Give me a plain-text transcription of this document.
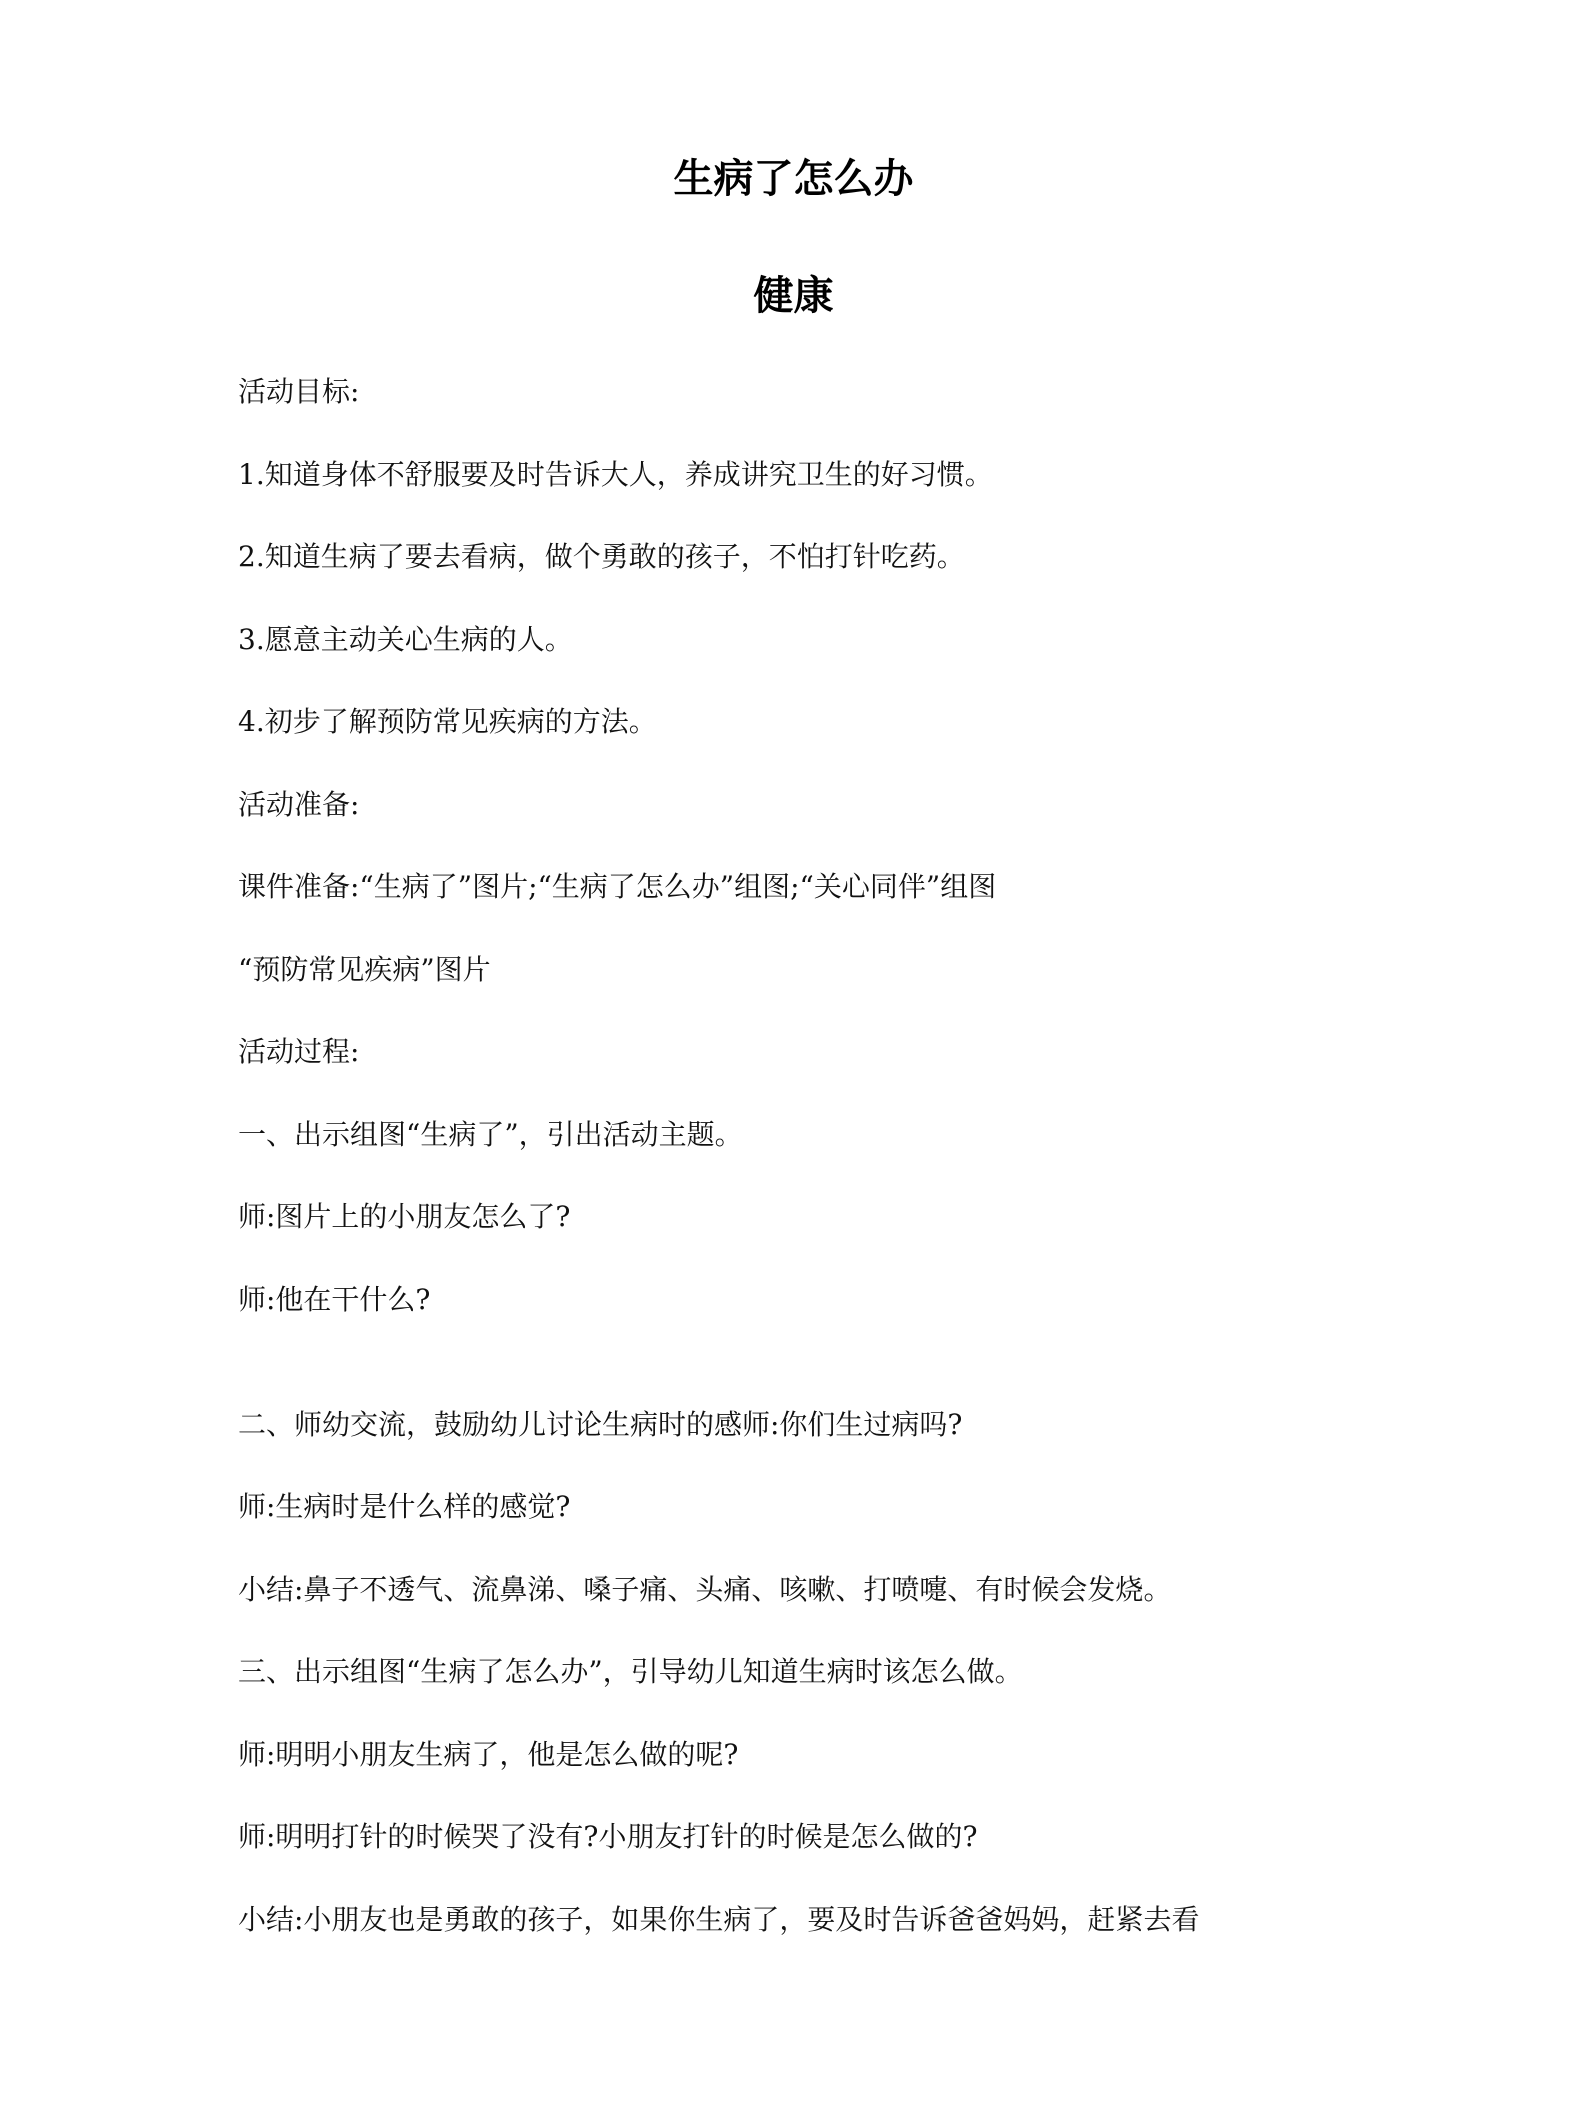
生病了怎么办
健康

活动目标:

1.知道身体不舒服要及时告诉大人，养成讲究卫生的好习惯。

2.知道生病了要去看病，做个勇敢的孩子，不怕打针吃药。

3.愿意主动关心生病的人。

4.初步了解预防常见疾病的方法。

活动准备:

课件准备:“生病了”图片;“生病了怎么办”组图;“关心同伴”组图

“预防常见疾病”图片

活动过程:

一、出示组图“生病了”，引出活动主题。

师:图片上的小朋友怎么了?

师:他在干什么?

二、师幼交流，鼓励幼儿讨论生病时的感师:你们生过病吗?

师:生病时是什么样的感觉?

小结:鼻子不透气、流鼻涕、嗓子痛、头痛、咳嗽、打喷嚏、有时候会发烧。

三、出示组图“生病了怎么办”，引导幼儿知道生病时该怎么做。

师:明明小朋友生病了，他是怎么做的呢?

师:明明打针的时候哭了没有?小朋友打针的时候是怎么做的?

小结:小朋友也是勇敢的孩子，如果你生病了，要及时告诉爸爸妈妈，赶紧去看
